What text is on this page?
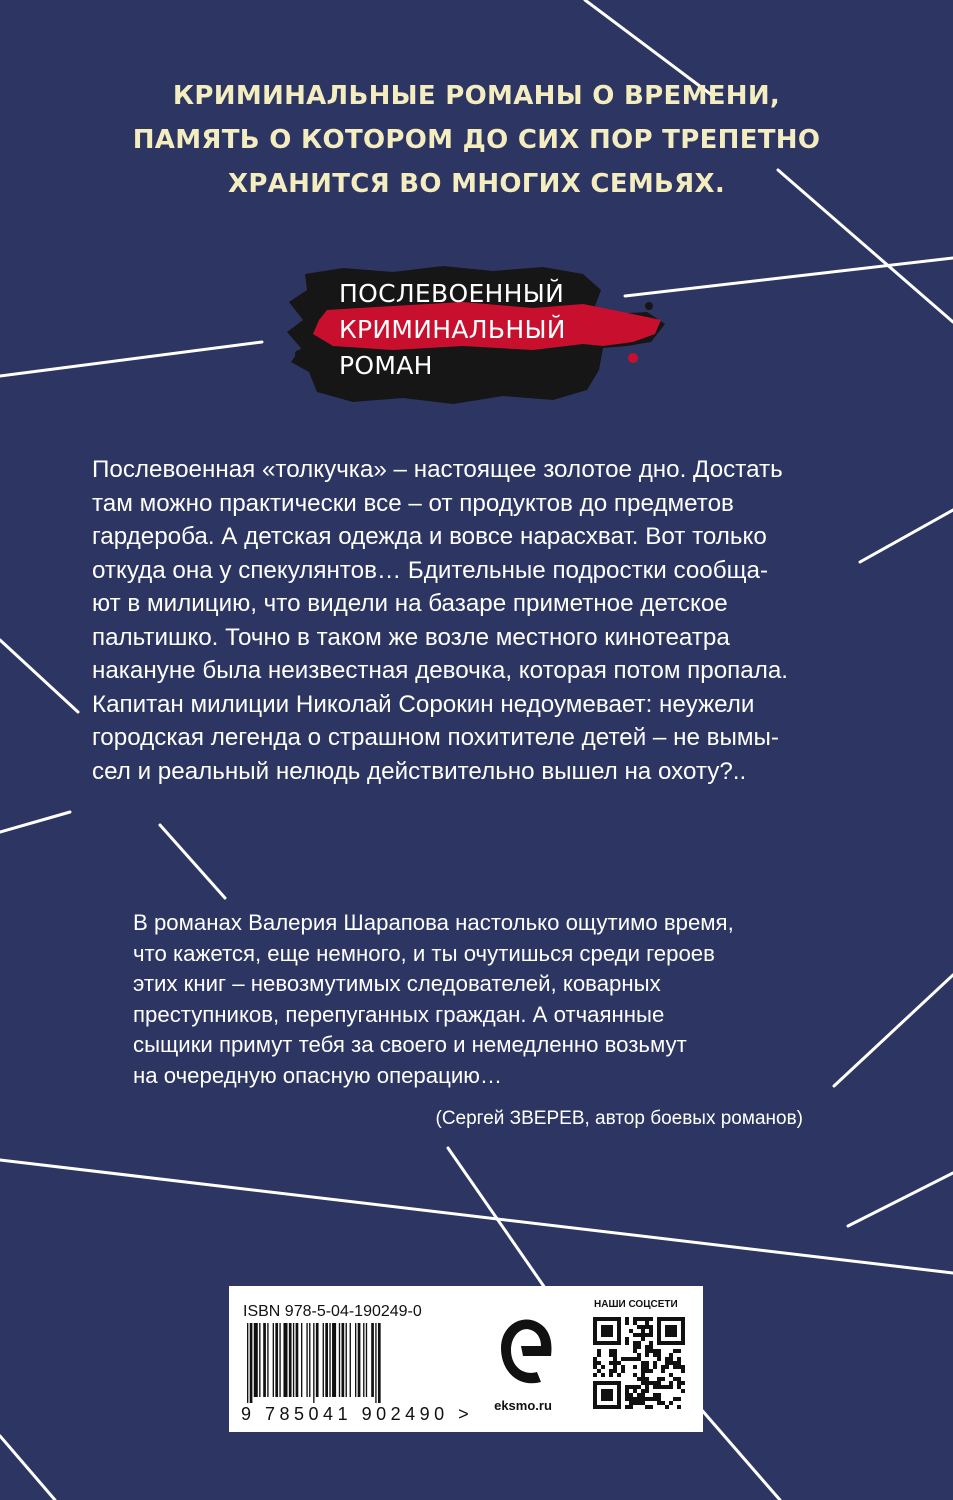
КРИМИНАЛЬНЫЕ РОМАНЫ О ВРЕМЕНИ,
ПАМЯТЬ О КОТОРОМ ДО СИХ ПОР ТРЕПЕТНО
ХРАНИТСЯ ВО МНОГИХ СЕМЬЯХ.
ПОСЛЕВОЕННЫЙ
КРИМИНАЛЬНЫЙ
РОМАН
Послевоенная «толкучка» – настоящее золотое дно. Достать
там можно практически все – от продуктов до предметов
гардероба. А детская одежда и вовсе нарасхват. Вот только
откуда она у спекулянтов… Бдительные подростки сообща-
ют в милицию, что видели на базаре приметное детское
пальтишко. Точно в таком же возле местного кинотеатра
накануне была неизвестная девочка, которая потом пропала.
Капитан милиции Николай Сорокин недоумевает: неужели
городская легенда о страшном похитителе детей – не вымы-
сел и реальный нелюдь действительно вышел на охоту?..
В романах Валерия Шарапова настолько ощутимо время,
что кажется, еще немного, и ты очутишься среди героев
этих книг – невозмутимых следователей, коварных
преступников, перепуганных граждан. А отчаянные
сыщики примут тебя за своего и немедленно возьмут
на очередную опасную операцию…
(Сергей ЗВЕРЕВ, автор боевых романов)
ISBN 978-5-04-190249-0
9 785041 902490 > eksmo.ru
НАШИ СОЦСЕТИ
